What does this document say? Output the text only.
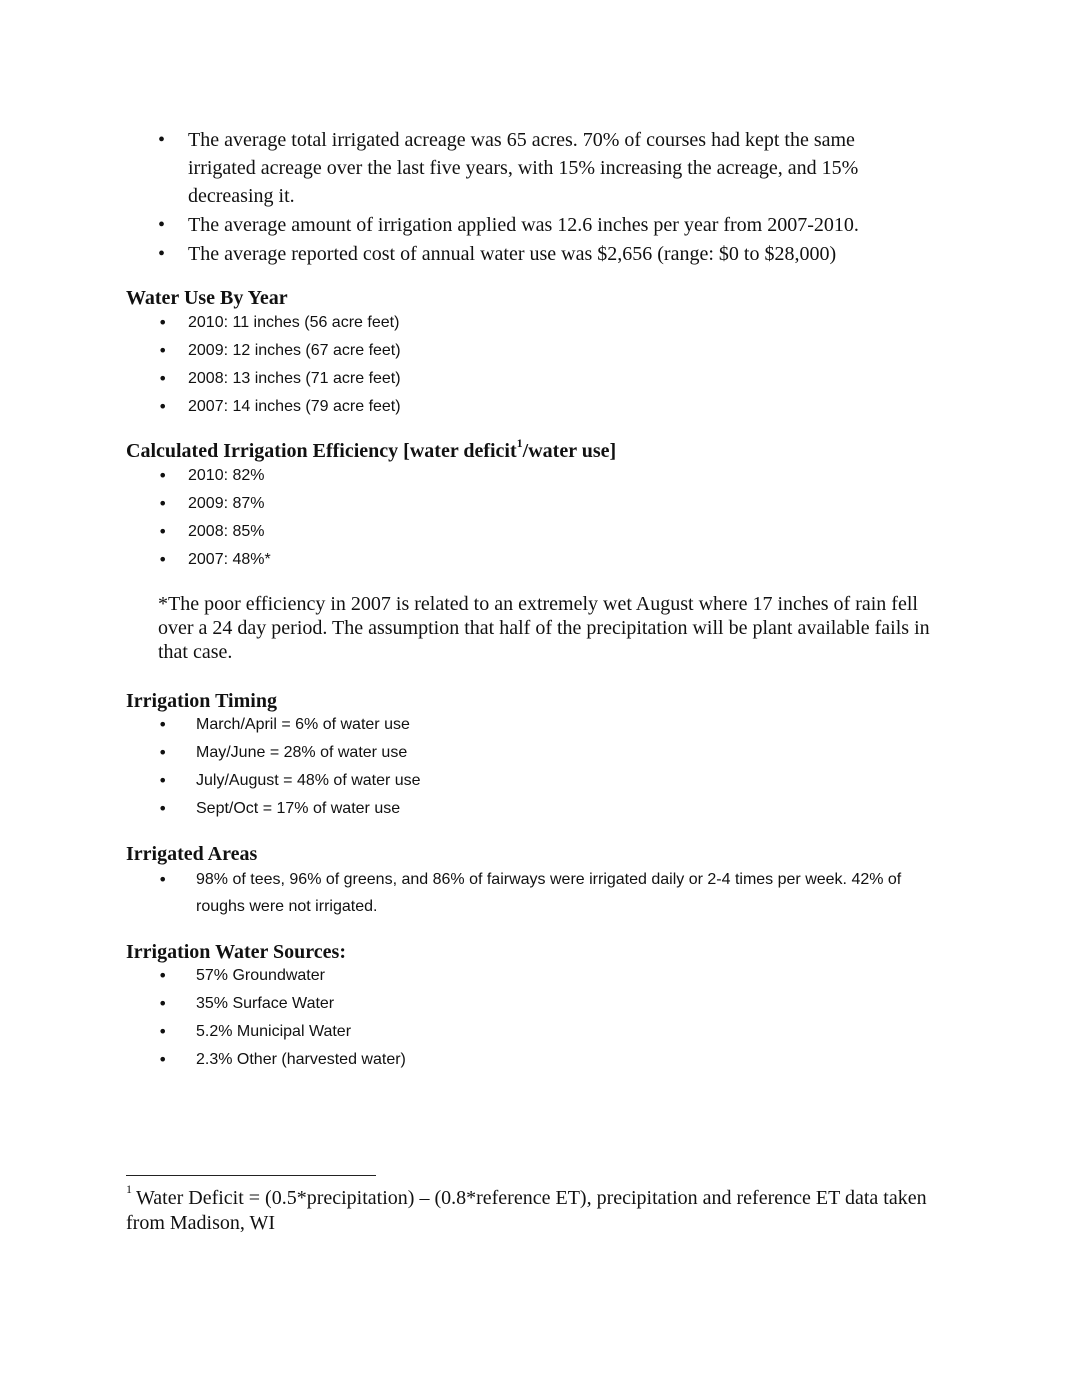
•	The average total irrigated acreage was 65 acres. 70% of courses had kept the same irrigated acreage over the last five years, with 15% increasing the acreage, and 15% decreasing it.
•	The average amount of irrigation applied was 12.6 inches per year from 2007-2010.
•	The average reported cost of annual water use was $2,656 (range: $0 to $28,000)
Water Use By Year
• 2010: 11 inches (56 acre feet)
• 2009: 12 inches (67 acre feet)
• 2008: 13 inches (71 acre feet)
• 2007: 14 inches (79 acre feet)
Calculated Irrigation Efficiency [water deficit$^1$/water use]
• 2010: 82%
• 2009: 87%
• 2008: 85%
• 2007: 48%*
*The poor efficiency in 2007 is related to an extremely wet August where 17 inches of rain fell over a 24 day period. The assumption that half of the precipitation will be plant available fails in that case.
Irrigation Timing
• March/April = 6% of water use
• May/June = 28% of water use
• July/August = 48% of water use
• Sept/Oct = 17% of water use
Irrigated Areas
• 98% of tees, 96% of greens, and 86% of fairways were irrigated daily or 2-4 times per week. 42% of roughs were not irrigated.
Irrigation Water Sources:
• 57% Groundwater
• 35% Surface Water
• 5.2% Municipal Water
• 2.3% Other (harvested water)
$^1$ Water Deficit = (0.5*precipitation) – (0.8*reference ET), precipitation and reference ET data taken from Madison, WI
